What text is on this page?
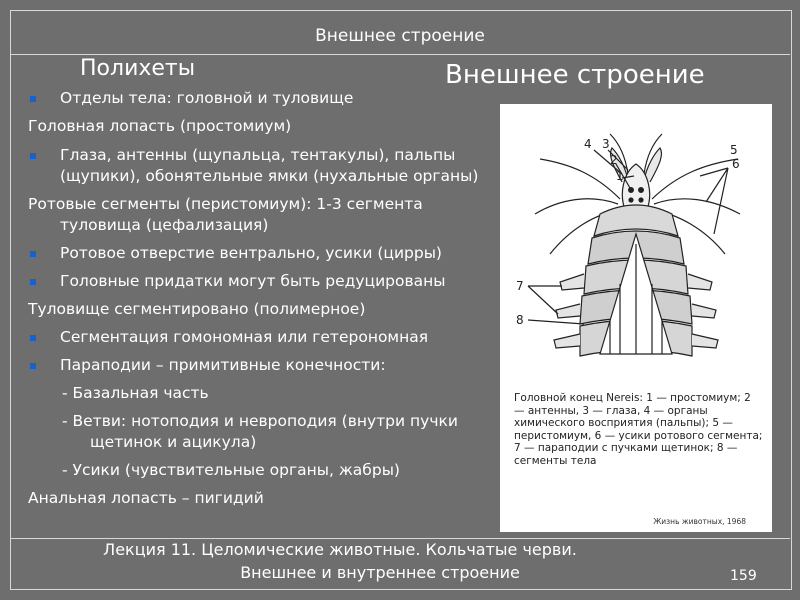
Внешнее строение
Полихеты	Внешнее строение
Отделы тела: головной и туловище
Головная лопасть (простомиум)
Глаза, антенны (щупальца, тентакулы), пальпы (щупики), обонятельные ямки (нухальные органы)
Ротовые сегменты (перистомиум): 1-3 сегмента
туловища (цефализация)
Ротовое отверстие вентрально, усики (цирры)
Головные придатки могут быть редуцированы
Туловище сегментировано (полимерное)
Сегментация гомономная или гетерономная
Параподии – примитивные конечности:
- Базальная часть
- Ветви: нотоподия и невроподия (внутри пучки
щетинок и ацикула)
- Усики (чувствительные органы, жабры)
Анальная лопасть – пигидий
4 3
2
1
5
6
7
8
Головной конец Nereis: 1 — простомиум; 2 — антенны, 3 — глаза, 4 — органы химического восприятия (пальпы); 5 — перистомиум, 6 — усики ротового сегмента; 7 — параподии с пучками щетинок; 8 — сегменты тела
Жизнь животных, 1968
Лекция 11. Целомические животные. Кольчатые черви.
Внешнее и внутреннее строение	159
